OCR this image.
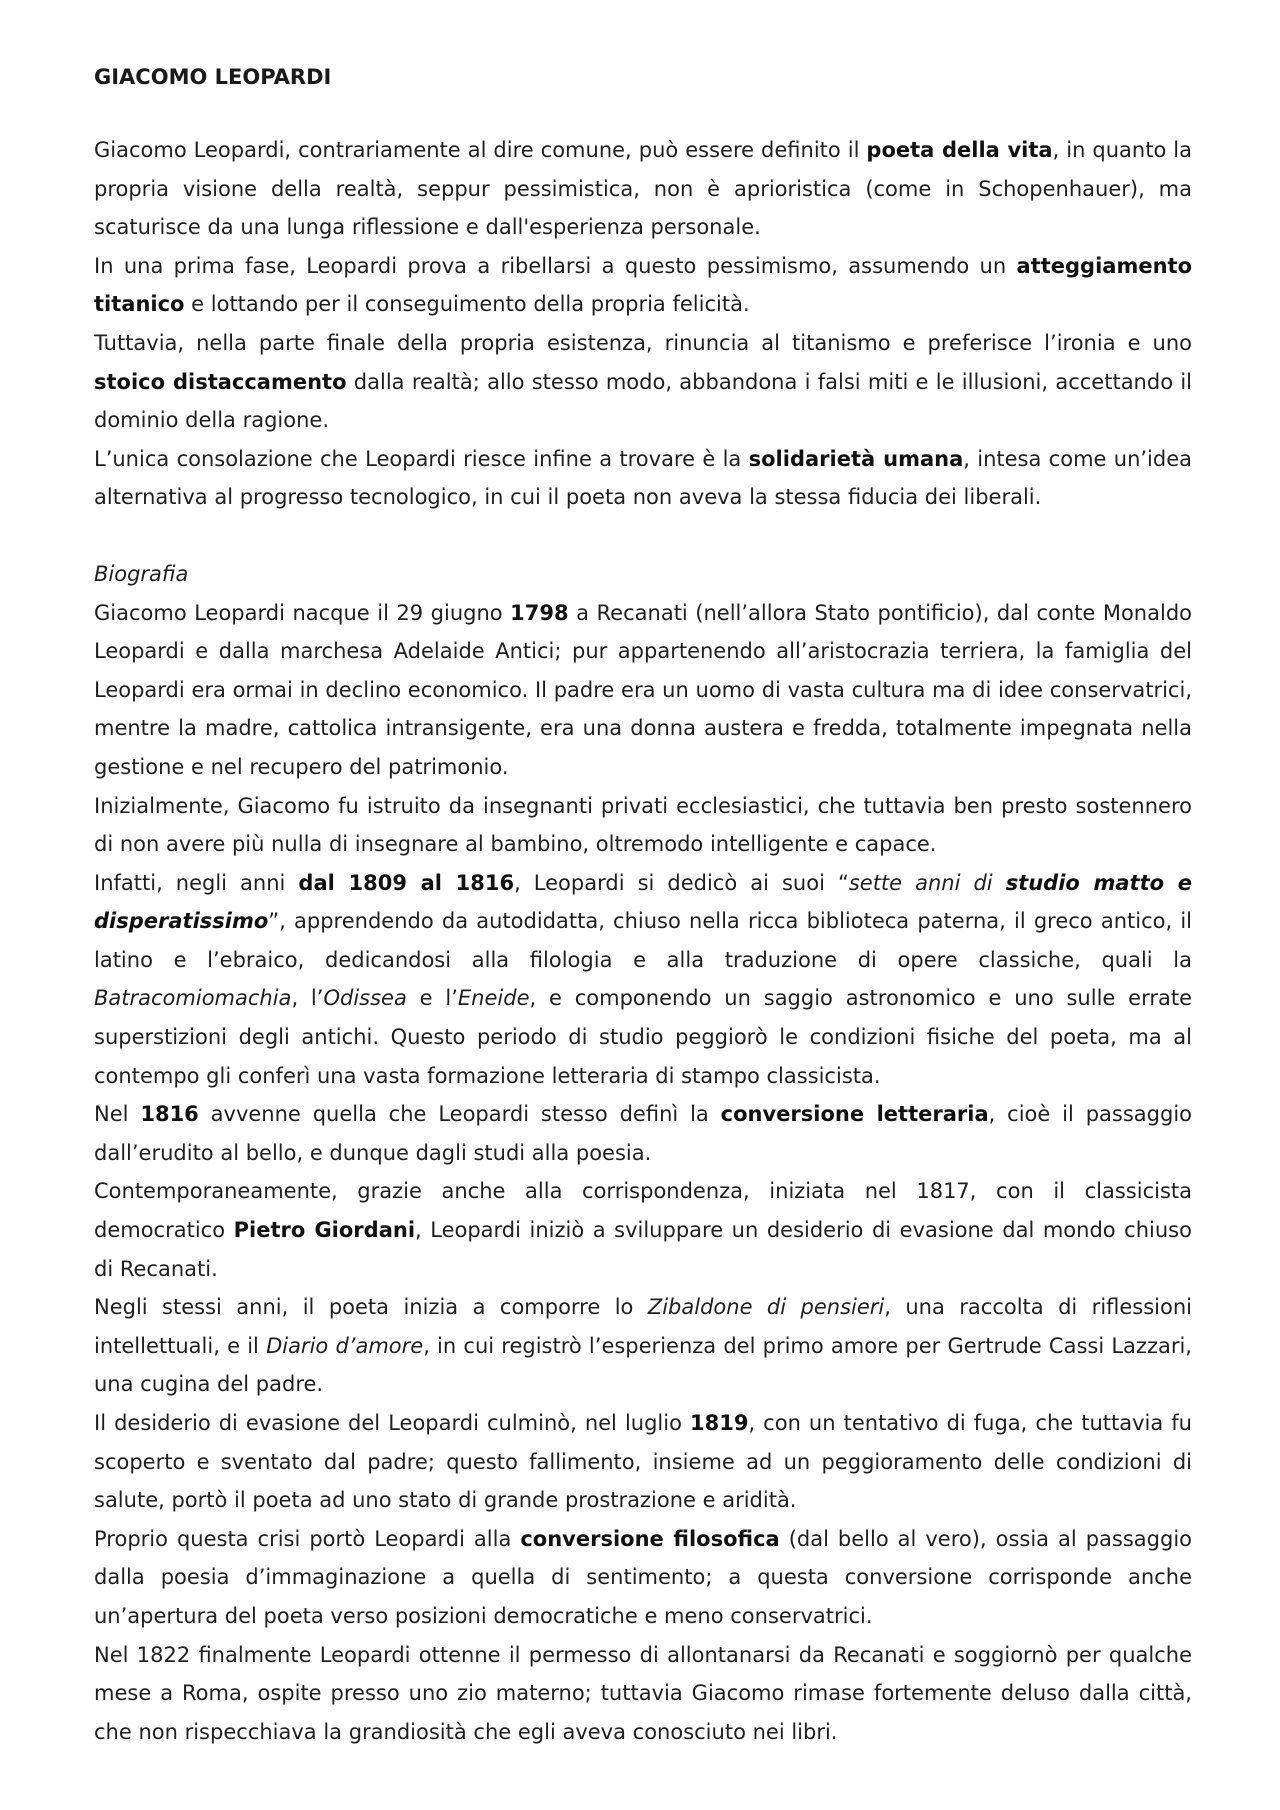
GIACOMO LEOPARDI

Giacomo Leopardi, contrariamente al dire comune, può essere definito il poeta della vita, in quanto la propria visione della realtà, seppur pessimistica, non è aprioristica (come in Schopenhauer), ma scaturisce da una lunga riflessione e dall'esperienza personale.

In una prima fase, Leopardi prova a ribellarsi a questo pessimismo, assumendo un atteggiamento titanico e lottando per il conseguimento della propria felicità.

Tuttavia, nella parte finale della propria esistenza, rinuncia al titanismo e preferisce l’ironia e uno stoico distaccamento dalla realtà; allo stesso modo, abbandona i falsi miti e le illusioni, accettando il dominio della ragione.

L’unica consolazione che Leopardi riesce infine a trovare è la solidarietà umana, intesa come un’idea alternativa al progresso tecnologico, in cui il poeta non aveva la stessa fiducia dei liberali.

Biografia

Giacomo Leopardi nacque il 29 giugno 1798 a Recanati (nell’allora Stato pontificio), dal conte Monaldo Leopardi e dalla marchesa Adelaide Antici; pur appartenendo all’aristocrazia terriera, la famiglia del Leopardi era ormai in declino economico. Il padre era un uomo di vasta cultura ma di idee conservatrici, mentre la madre, cattolica intransigente, era una donna austera e fredda, totalmente impegnata nella gestione e nel recupero del patrimonio.

Inizialmente, Giacomo fu istruito da insegnanti privati ecclesiastici, che tuttavia ben presto sostennero di non avere più nulla di insegnare al bambino, oltremodo intelligente e capace.

Infatti, negli anni dal 1809 al 1816, Leopardi si dedicò ai suoi “sette anni di studio matto e disperatissimo”, apprendendo da autodidatta, chiuso nella ricca biblioteca paterna, il greco antico, il latino e l’ebraico, dedicandosi alla filologia e alla traduzione di opere classiche, quali la Batracomiomachia, l’Odissea e l’Eneide, e componendo un saggio astronomico e uno sulle errate superstizioni degli antichi. Questo periodo di studio peggiorò le condizioni fisiche del poeta, ma al contempo gli conferì una vasta formazione letteraria di stampo classicista.

Nel 1816 avvenne quella che Leopardi stesso definì la conversione letteraria, cioè il passaggio dall’erudito al bello, e dunque dagli studi alla poesia.

Contemporaneamente, grazie anche alla corrispondenza, iniziata nel 1817, con il classicista democratico Pietro Giordani, Leopardi iniziò a sviluppare un desiderio di evasione dal mondo chiuso di Recanati.

Negli stessi anni, il poeta inizia a comporre lo Zibaldone di pensieri, una raccolta di riflessioni intellettuali, e il Diario d’amore, in cui registrò l’esperienza del primo amore per Gertrude Cassi Lazzari, una cugina del padre.

Il desiderio di evasione del Leopardi culminò, nel luglio 1819, con un tentativo di fuga, che tuttavia fu scoperto e sventato dal padre; questo fallimento, insieme ad un peggioramento delle condizioni di salute, portò il poeta ad uno stato di grande prostrazione e aridità.

Proprio questa crisi portò Leopardi alla conversione filosofica (dal bello al vero), ossia al passaggio dalla poesia d’immaginazione a quella di sentimento; a questa conversione corrisponde anche un’apertura del poeta verso posizioni democratiche e meno conservatrici.

Nel 1822 finalmente Leopardi ottenne il permesso di allontanarsi da Recanati e soggiornò per qualche mese a Roma, ospite presso uno zio materno; tuttavia Giacomo rimase fortemente deluso dalla città, che non rispecchiava la grandiosità che egli aveva conosciuto nei libri.
